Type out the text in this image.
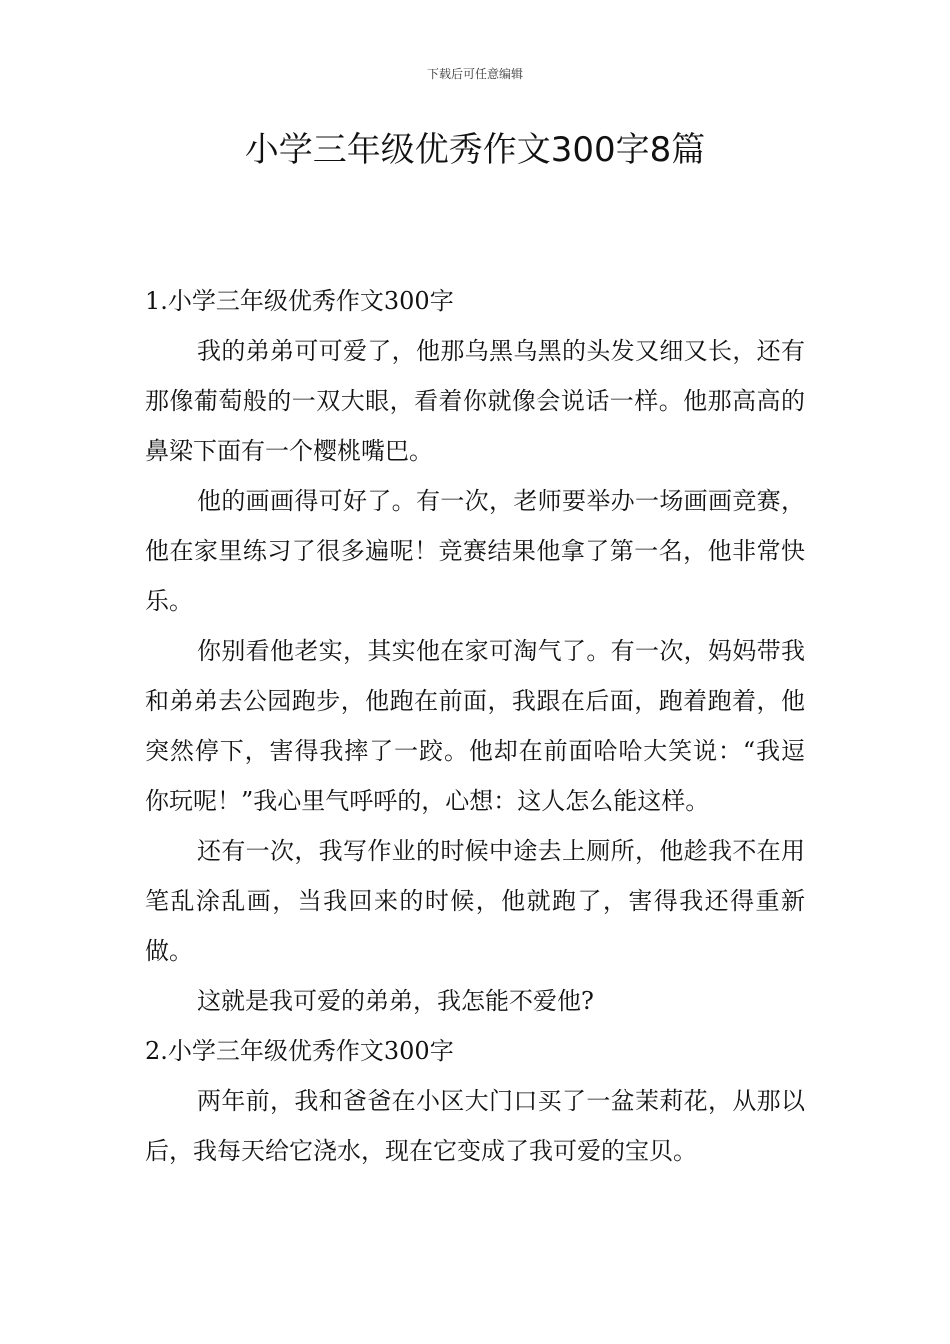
下载后可任意编辑
小学三年级优秀作文300字8篇

1.小学三年级优秀作文300字

我的弟弟可可爱了，他那乌黑乌黑的头发又细又长，还有那像葡萄般的一双大眼，看着你就像会说话一样。他那高高的鼻梁下面有一个樱桃嘴巴。

他的画画得可好了。有一次，老师要举办一场画画竞赛，他在家里练习了很多遍呢！竞赛结果他拿了第一名，他非常快乐。

你别看他老实，其实他在家可淘气了。有一次，妈妈带我和弟弟去公园跑步，他跑在前面，我跟在后面，跑着跑着，他突然停下，害得我摔了一跤。他却在前面哈哈大笑说：“我逗你玩呢！”我心里气呼呼的，心想：这人怎么能这样。

还有一次，我写作业的时候中途去上厕所，他趁我不在用笔乱涂乱画，当我回来的时候，他就跑了，害得我还得重新做。

这就是我可爱的弟弟，我怎能不爱他?

2.小学三年级优秀作文300字

两年前，我和爸爸在小区大门口买了一盆茉莉花，从那以后，我每天给它浇水，现在它变成了我可爱的宝贝。
